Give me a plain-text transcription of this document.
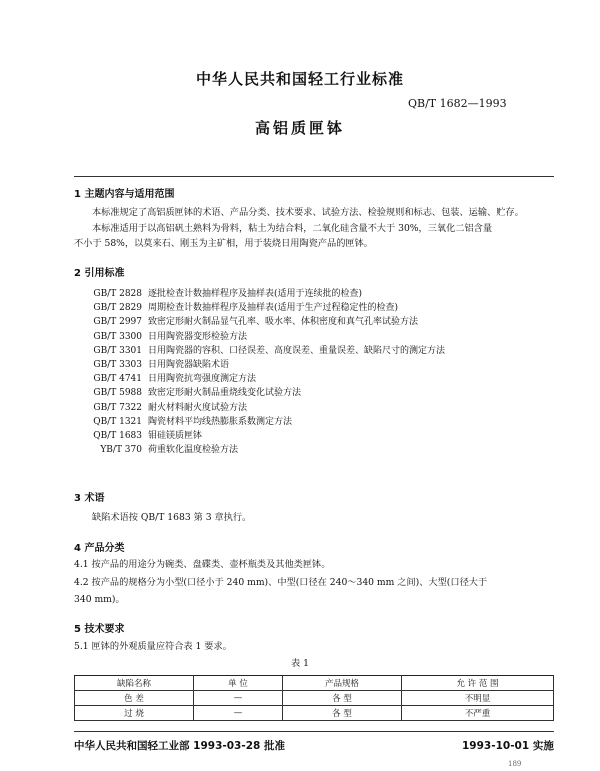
中华人民共和国轻工行业标准
QB/T 1682—1993
高铝质匣钵
1 主题内容与适用范围
本标准规定了高铝质匣钵的术语、产品分类、技术要求、试验方法、检验规则和标志、包装、运输、贮存。
本标准适用于以高铝矾土熟料为骨料，粘土为结合料，二氧化硅含量不大于 30%，三氧化二铝含量
不小于 58%，以莫来石、刚玉为主矿相，用于装烧日用陶瓷产品的匣钵。
2 引用标准
GB/T 2828 逐批检查计数抽样程序及抽样表(适用于连续批的检查)
GB/T 2829 周期检查计数抽样程序及抽样表(适用于生产过程稳定性的检查)
GB/T 2997 致密定形耐火制品显气孔率、吸水率、体积密度和真气孔率试验方法
GB/T 3300 日用陶瓷器变形检验方法
GB/T 3301 日用陶瓷器的容积、口径误差、高度误差、重量误差、缺陷尺寸的测定方法
GB/T 3303 日用陶瓷器缺陷术语
GB/T 4741 日用陶瓷抗弯强度测定方法
GB/T 5988 致密定形耐火制品重烧线变化试验方法
GB/T 7322 耐火材料耐火度试验方法
QB/T 1321 陶瓷材料平均线热膨胀系数测定方法
QB/T 1683 钼硅镁质匣钵
YB/T 370 荷重软化温度检验方法
3 术语
缺陷术语按 QB/T 1683 第 3 章执行。
4 产品分类
4.1 按产品的用途分为碗类、盘碟类、壶杯瓶类及其他类匣钵。
4.2 按产品的规格分为小型(口径小于 240 mm)、中型(口径在 240～340 mm 之间)、大型(口径大于
340 mm)。
5 技术要求
5.1 匣钵的外观质量应符合表 1 要求。
表 1
缺陷名称	单 位	产品规格	允 许 范 围
色 差	—	各 型	不明显
过 烧	—	各 型	不严重
中华人民共和国轻工业部 1993-03-28 批准	1993-10-01 实施
189
